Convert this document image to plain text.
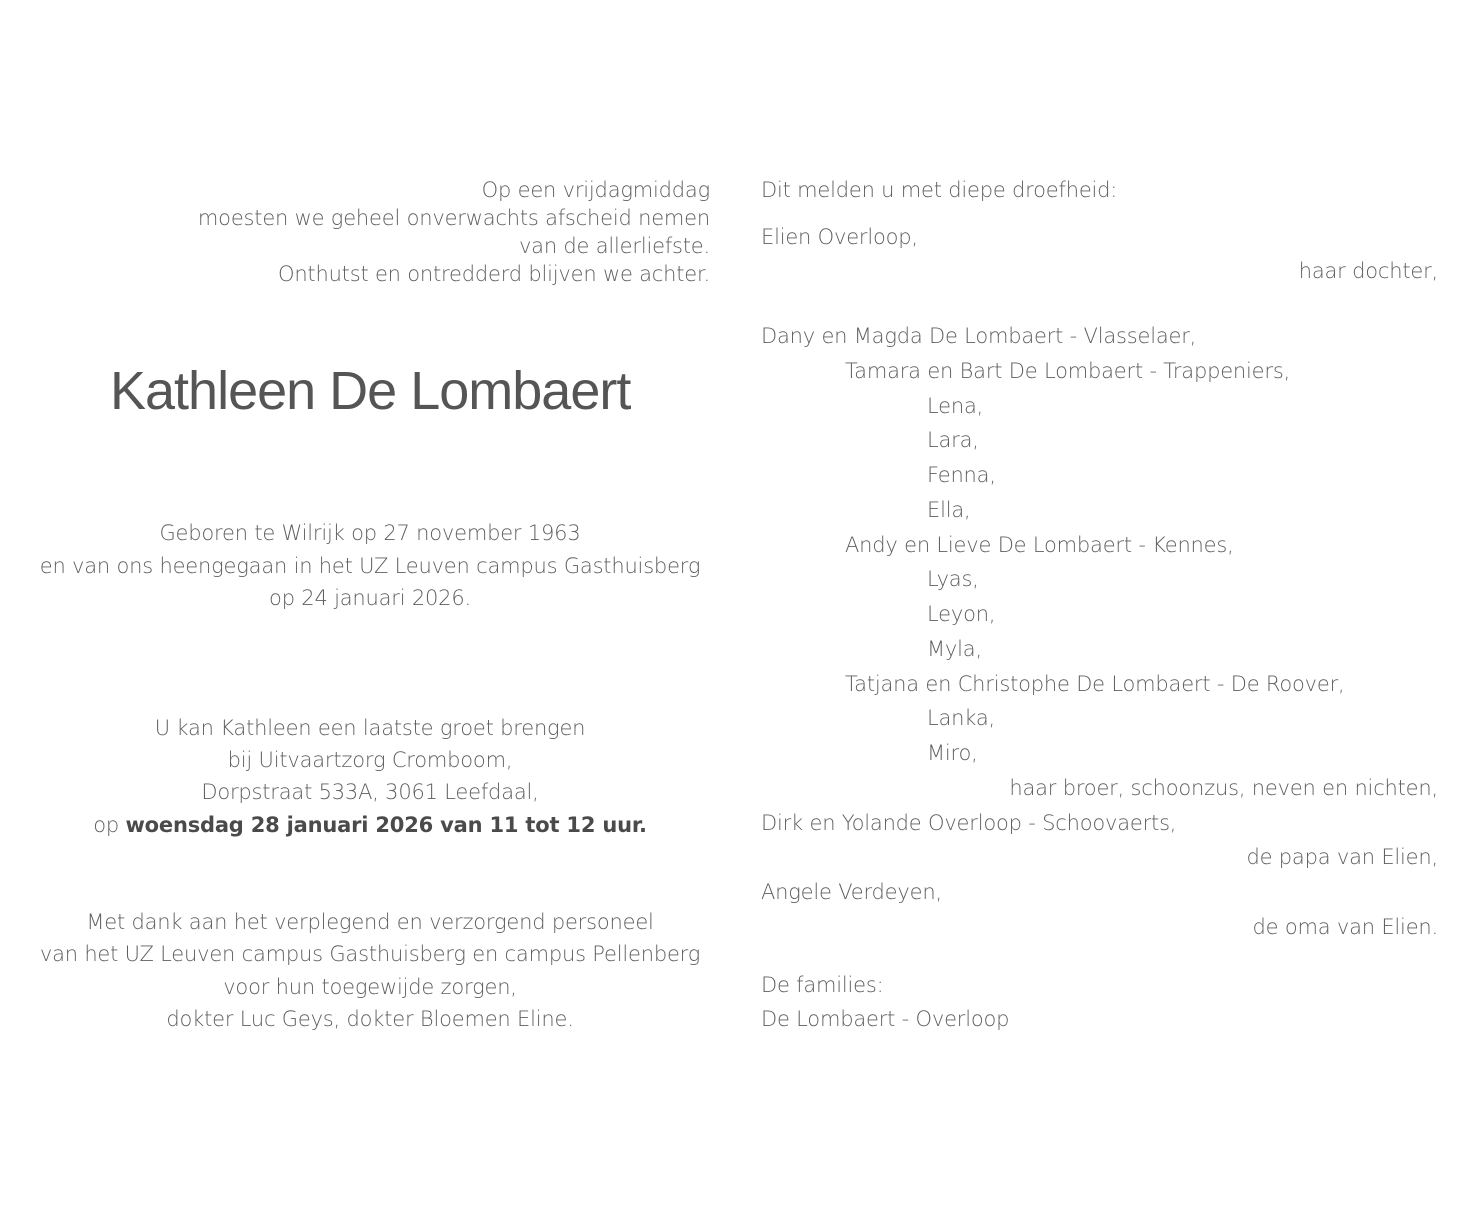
Op een vrijdagmiddag
moesten we geheel onverwachts afscheid nemen
van de allerliefste.
Onthutst en ontredderd blijven we achter.
Kathleen De Lombaert
Geboren te Wilrijk op 27 november 1963
en van ons heengegaan in het UZ Leuven campus Gasthuisberg
op 24 januari 2026.
U kan Kathleen een laatste groet brengen
bij Uitvaartzorg Cromboom,
Dorpstraat 533A, 3061 Leefdaal,
op woensdag 28 januari 2026 van 11 tot 12 uur.
Met dank aan het verplegend en verzorgend personeel
van het UZ Leuven campus Gasthuisberg en campus Pellenberg
voor hun toegewijde zorgen,
dokter Luc Geys, dokter Bloemen Eline.
Dit melden u met diepe droefheid:
Elien Overloop,
haar dochter,
Dany en Magda De Lombaert - Vlasselaer,
Tamara en Bart De Lombaert - Trappeniers,
Lena,
Lara,
Fenna,
Ella,
Andy en Lieve De Lombaert - Kennes,
Lyas,
Leyon,
Myla,
Tatjana en Christophe De Lombaert - De Roover,
Lanka,
Miro,
haar broer, schoonzus, neven en nichten,
Dirk en Yolande Overloop - Schoovaerts,
de papa van Elien,
Angele Verdeyen,
de oma van Elien.
De families:
De Lombaert - Overloop
